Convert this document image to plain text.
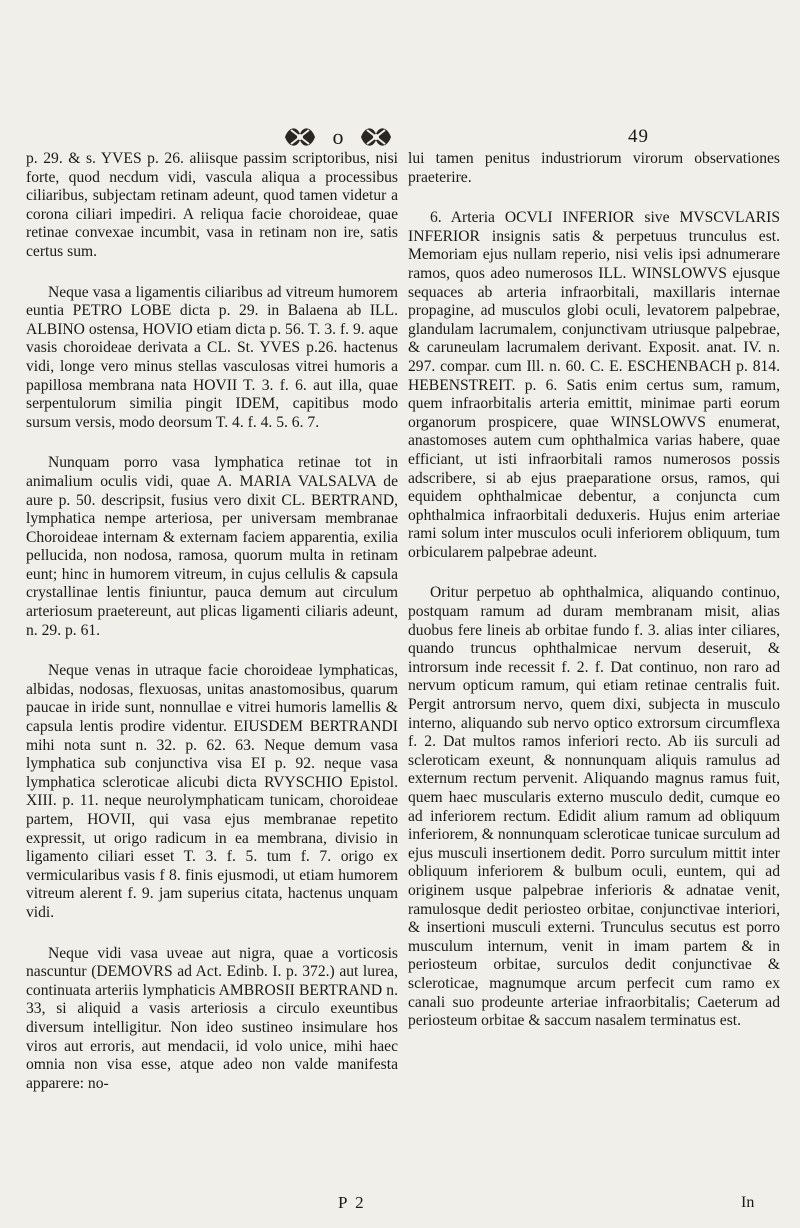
o	49

p. 29. & s. YVES p. 26. aliisque passim scriptoribus, nisi forte, quod necdum vidi, vascula aliqua a processibus ciliaribus, subjectam retinam adeunt, quod tamen videtur a corona ciliari impediri. A reliqua facie choroideae, quae retinae convexae incumbit, vasa in retinam non ire, satis certus sum.

Neque vasa a ligamentis ciliaribus ad vitreum humorem euntia PETRO LOBE dicta p. 29. in Balaena ab ILL. ALBINO ostensa, HOVIO etiam dicta p. 56. T. 3. f. 9. aque vasis choroideae derivata a CL. St. YVES p.26. hactenus vidi, longe vero minus stellas vasculosas vitrei humoris a papillosa membrana nata HOVII T. 3. f. 6. aut illa, quae serpentulorum similia pingit IDEM, capitibus modo sursum versis, modo deorsum T. 4. f. 4. 5. 6. 7.

Nunquam porro vasa lymphatica retinae tot in animalium oculis vidi, quae A. MARIA VALSALVA de aure p. 50. descripsit, fusius vero dixit CL. BERTRAND, lymphatica nempe arteriosa, per universam membranae Choroideae internam & externam faciem apparentia, exilia pellucida, non nodosa, ramosa, quorum multa in retinam eunt; hinc in humorem vitreum, in cujus cellulis & capsula crystallinae lentis finiuntur, pauca demum aut circulum arteriosum praetereunt, aut plicas ligamenti ciliaris adeunt, n. 29. p. 61.

Neque venas in utraque facie choroideae lymphaticas, albidas, nodosas, flexuosas, unitas anastomosibus, quarum paucae in iride sunt, nonnullae e vitrei humoris lamellis & capsula lentis prodire videntur. EIUSDEM BERTRANDI mihi nota sunt n. 32. p. 62. 63. Neque demum vasa lymphatica sub conjunctiva visa EI p. 92. neque vasa lymphatica scleroticae alicubi dicta RVYSCHIO Epistol. XIII. p. 11. neque neurolymphaticam tunicam, choroideae partem, HOVII, qui vasa ejus membranae repetito expressit, ut origo radicum in ea membrana, divisio in ligamento ciliari esset T. 3. f. 5. tum f. 7. origo ex vermicularibus vasis f 8. finis ejusmodi, ut etiam humorem vitreum alerent f. 9. jam superius citata, hactenus unquam vidi.

Neque vidi vasa uveae aut nigra, quae a vorticosis nascuntur (DEMOVRS ad Act. Edinb. I. p. 372.) aut lurea, continuata arteriis lymphaticis AMBROSII BERTRAND n. 33, si aliquid a vasis arteriosis a circulo exeuntibus diversum intelligitur. Non ideo sustineo insimulare hos viros aut erroris, aut mendacii, id volo unice, mihi haec omnia non visa esse, atque adeo non valde manifesta apparere: no-

lui tamen penitus industriorum virorum observationes praeterire.

6. Arteria OCVLI INFERIOR sive MVSCVLARIS INFERIOR insignis satis & perpetuus trunculus est. Memoriam ejus nullam reperio, nisi velis ipsi adnumerare ramos, quos adeo numerosos ILL. WINSLOWVS ejusque sequaces ab arteria infraorbitali, maxillaris internae propagine, ad musculos globi oculi, levatorem palpebrae, glandulam lacrumalem, conjunctivam utriusque palpebrae, & caruneulam lacrumalem derivant. Exposit. anat. IV. n. 297. compar. cum Ill. n. 60. C. E. ESCHENBACH p. 814. HEBENSTREIT. p. 6. Satis enim certus sum, ramum, quem infraorbitalis arteria emittit, minimae parti eorum organorum prospicere, quae WINSLOWVS enumerat, anastomoses autem cum ophthalmica varias habere, quae efficiant, ut isti infraorbitali ramos numerosos possis adscribere, si ab ejus praeparatione orsus, ramos, qui equidem ophthalmicae debentur, a conjuncta cum ophthalmica infraorbitali deduxeris. Hujus enim arteriae rami solum inter musculos oculi inferiorem obliquum, tum orbicularem palpebrae adeunt.

Oritur perpetuo ab ophthalmica, aliquando continuo, postquam ramum ad duram membranam misit, alias duobus fere lineis ab orbitae fundo f. 3. alias inter ciliares, quando truncus ophthalmicae nervum deseruit, & introrsum inde recessit f. 2. f. Dat continuo, non raro ad nervum opticum ramum, qui etiam retinae centralis fuit. Pergit antrorsum nervo, quem dixi, subjecta in musculo interno, aliquando sub nervo optico extrorsum circumflexa f. 2. Dat multos ramos inferiori recto. Ab iis surculi ad scleroticam exeunt, & nonnunquam aliquis ramulus ad externum rectum pervenit. Aliquando magnus ramus fuit, quem haec muscularis externo musculo dedit, cumque eo ad inferiorem rectum. Edidit alium ramum ad obliquum inferiorem, & nonnunquam scleroticae tunicae surculum ad ejus musculi insertionem dedit. Porro surculum mittit inter obliquum inferiorem & bulbum oculi, euntem, qui ad originem usque palpebrae inferioris & adnatae venit, ramulosque dedit periosteo orbitae, conjunctivae interiori, & insertioni musculi externi. Trunculus secutus est porro musculum internum, venit in imam partem & in periosteum orbitae, surculos dedit conjunctivae & scleroticae, magnumque arcum perfecit cum ramo ex canali suo prodeunte arteriae infraorbitalis; Caeterum ad periosteum orbitae & saccum nasalem terminatus est.

P 2	In
